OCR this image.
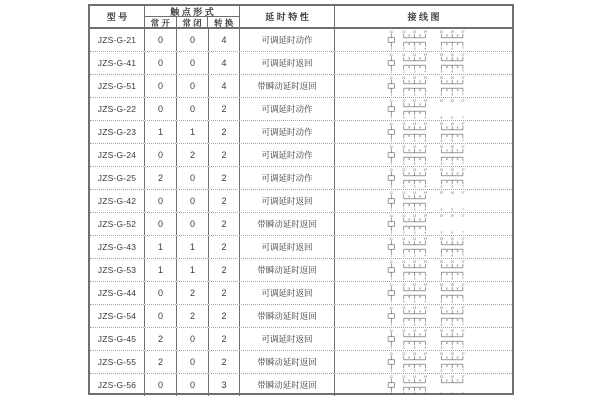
型 号
触 点 形 式
常 开	常 闭	转 换
延 时 特 性	接 线 图
JZS-G-21	0	0	4	可调延时动作
11
1
12 13 14
× ×
15 16 17
× ×
2	3	4
× ×
5	6	7
× ×
JZS-G-41	0	0	4	可调延时返回
11
1
12 13 14
× ×
15 16 17
× ×
2	3	4
× ×
5	6	7
× ×
JZS-G-51	0	0	4	带瞬动延时返回
11
1
12 13 14
× ×
15 16 17
× ×
2	3	4
× ×
5	6	7
× ×
JZS-G-22	0	0	2	可调延时动作
11
1
12 13 14
× ×
15 16 17
2	3	4
× ×
5	6	7
JZS-G-23	1	1	2	可调延时动作
11
1
12 13 14
× ×
15 16 17
× ×
2	3	4
× ×
5	6	7
× ×
JZS-G-24	0	2	2	可调延时动作
11
1
12 13 14
× ×
15 16 17
× ×
2	3	4
× ×
5	6	7
× ×
JZS-G-25	2	0	2	可调延时动作
11
1
12 13 14
× ×
15 16 17
× ×
2	3	4
× ×
5	6	7
× ×
JZS-G-42	0	0	2	可调延时返回
11
1
12 13 14
× ×
15 16 17
2	3	4
× ×
5	6	7
JZS-G-52	0	0	2	带瞬动延时返回
11
1
12 13 14
× ×
15 16 17
2	3	4
× ×
5	6	7
JZS-G-43	1	1	2	可调延时返回
11
1
12 13 14
× ×
15 16 17
× ×
2	3	4
× ×
5	6	7
× ×
JZS-G-53	1	1	2	带瞬动延时返回
11
1
12 13 14
× ×
15 16 17
× ×
2	3	4
× ×
5	6	7
× ×
JZS-G-44	0	2	2	可调延时返回
11
1
12 13 14
× ×
15 16 17
× ×
2	3	4
× ×
5	6	7
× ×
JZS-G-54	0	2	2	带瞬动延时返回
11
1
12 13 14
× ×
15 16 17
× ×
2	3	4
× ×
5	6	7
× ×
JZS-G-45	2	0	2	可调延时返回
11
1
12 13 14
× ×
15 16 17
× ×
2	3	4
× ×
5	6	7
× ×
JZS-G-55	2	0	2	带瞬动延时返回
11
1
12 13 14
× ×
15 16 17
× ×
2	3	4
× ×
5	6	7
× ×
JZS-G-56	0	0	3	带瞬动延时返回
11
1
12 13 14
× ×
15 16 17
× ×
2	3	4
× ×
5	6	7
